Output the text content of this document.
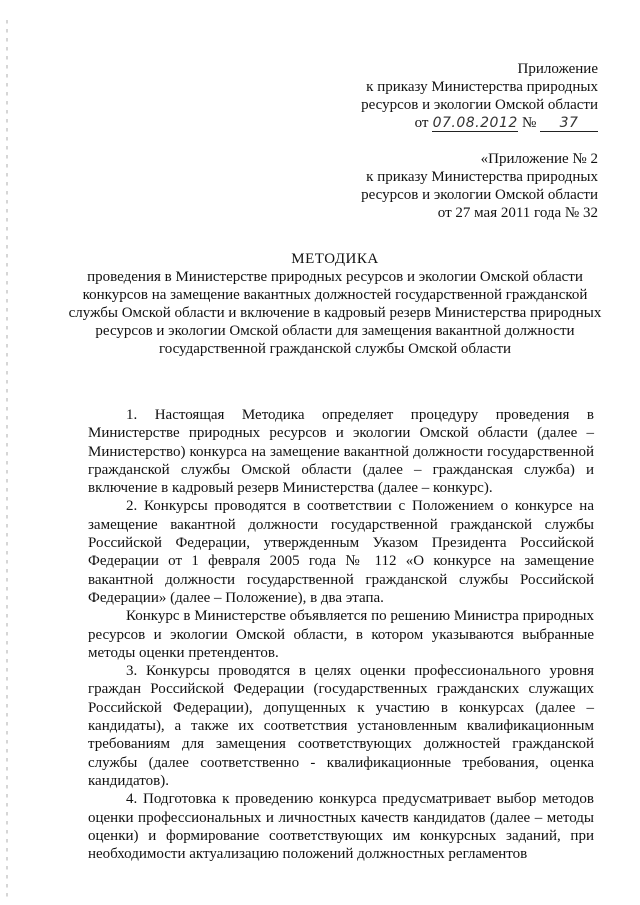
Приложение
к приказу Министерства природных
ресурсов и экологии Омской области
от 07.08.2012 № 37
«Приложение № 2
к приказу Министерства природных
ресурсов и экологии Омской области
от 27 мая 2011 года № 32
МЕТОДИКА
проведения в Министерстве природных ресурсов и экологии Омской области конкурсов на замещение вакантных должностей государственной гражданской службы Омской области и включение в кадровый резерв Министерства природных ресурсов и экологии Омской области для замещения вакантной должности государственной гражданской службы Омской области

1. Настоящая Методика определяет процедуру проведения в Министерстве природных ресурсов и экологии Омской области (далее – Министерство) конкурса на замещение вакантной должности государственной гражданской службы Омской области (далее – гражданская служба) и включение в кадровый резерв Министерства (далее – конкурс).

2. Конкурсы проводятся в соответствии с Положением о конкурсе на замещение вакантной должности государственной гражданской службы Российской Федерации, утвержденным Указом Президента Российской Федерации от 1 февраля 2005 года № 112 «О конкурсе на замещение вакантной должности государственной гражданской службы Российской Федерации» (далее – Положение), в два этапа.

Конкурс в Министерстве объявляется по решению Министра природных ресурсов и экологии Омской области, в котором указываются выбранные методы оценки претендентов.

3. Конкурсы проводятся в целях оценки профессионального уровня граждан Российской Федерации (государственных гражданских служащих Российской Федерации), допущенных к участию в конкурсах (далее – кандидаты), а также их соответствия установленным квалификационным требованиям для замещения соответствующих должностей гражданской службы (далее соответственно - квалификационные требования, оценка кандидатов).

4. Подготовка к проведению конкурса предусматривает выбор методов оценки профессиональных и личностных качеств кандидатов (далее – методы оценки) и формирование соответствующих им конкурсных заданий, при необходимости актуализацию положений должностных регламентов
